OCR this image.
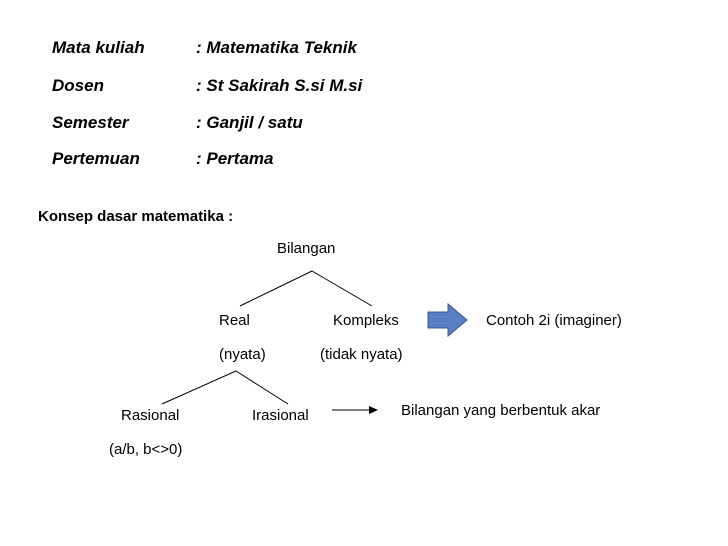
Mata kuliah	: Matematika Teknik
Dosen	: St Sakirah S.si M.si
Semester	: Ganjil / satu
Pertemuan	: Pertama
Konsep dasar matematika :
Bilangan
Real
(nyata)
Kompleks
(tidak nyata)
Contoh 2i (imaginer)
Rasional
(a/b, b<>0)
Irasional	Bilangan yang berbentuk akar
